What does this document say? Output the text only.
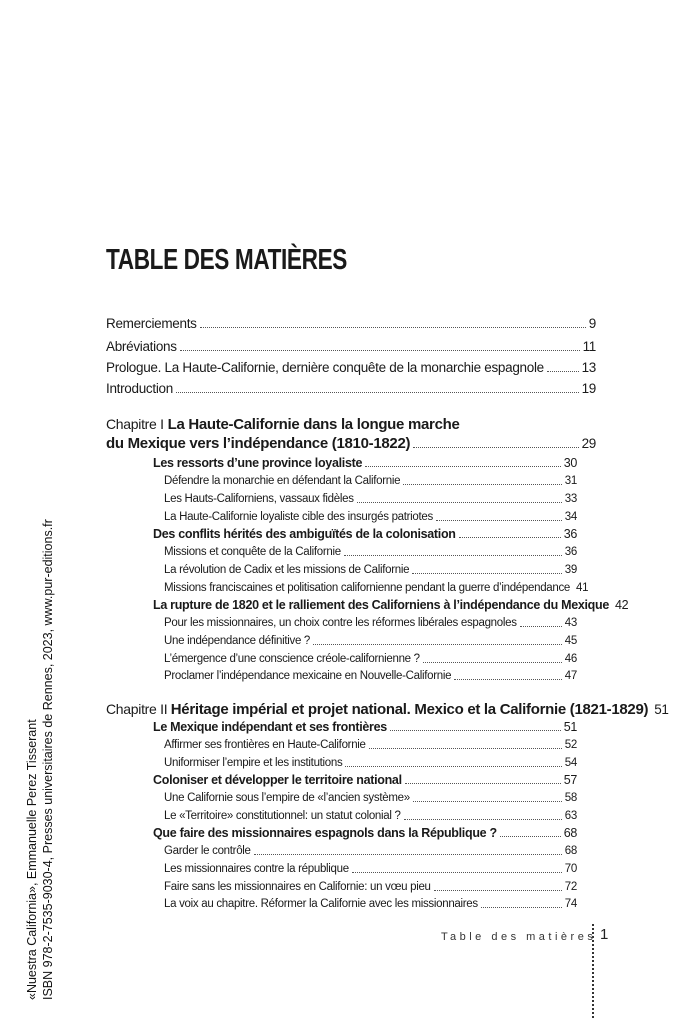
TABLE DES MATIÈRES
Remerciements	9
Abréviations	11
Prologue. La Haute-Californie, dernière conquête de la monarchie espagnole	13
Introduction	19
Chapitre I La Haute-Californie dans la longue marche
du Mexique vers l’indépendance (1810-1822)	29
Les ressorts d’une province loyaliste	30
Défendre la monarchie en défendant la Californie	31
Les Hauts-Californiens, vassaux fidèles	33
La Haute-Californie loyaliste cible des insurgés patriotes	34
Des conflits hérités des ambiguïtés de la colonisation	36
Missions et conquête de la Californie	36
La révolution de Cadix et les missions de Californie	39
Missions franciscaines et politisation californienne pendant la guerre d’indépendance 41
La rupture de 1820 et le ralliement des Californiens à l’indépendance du Mexique 42
Pour les missionnaires, un choix contre les réformes libérales espagnoles	43
Une indépendance définitive ?	45
L’émergence d’une conscience créole-californienne ?	46
Proclamer l’indépendance mexicaine en Nouvelle-Californie	47
Chapitre II Héritage impérial et projet national. Mexico et la Californie (1821-1829) 51
Le Mexique indépendant et ses frontières	51
Affirmer ses frontières en Haute-Californie	52
Uniformiser l’empire et les institutions	54
Coloniser et développer le territoire national	57
Une Californie sous l’empire de «l’ancien système»	58
Le «Territoire» constitutionnel: un statut colonial ?	63
Que faire des missionnaires espagnols dans la République ?	68
Garder le contrôle	68
Les missionnaires contre la république	70
Faire sans les missionnaires en Californie: un vœu pieu	72
La voix au chapitre. Réformer la Californie avec les missionnaires	74
Table des matières 1
«Nuestra California», Emmanuelle Perez Tisserant ISBN 978-2-7535-9030-4, Presses universitaires de Rennes, 2023, www.pur-editions.fr
